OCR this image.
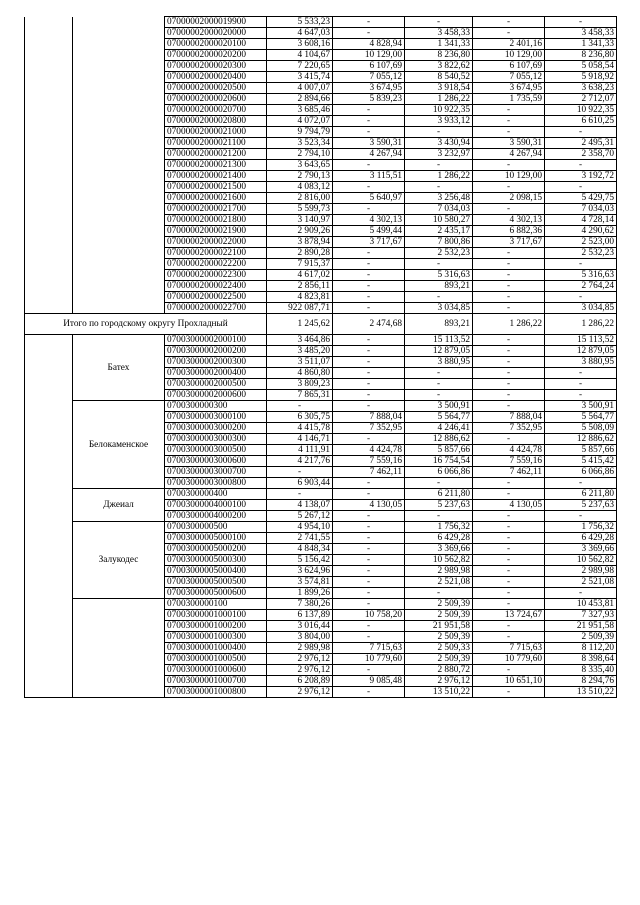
		07000002000019900	5 533,23	-	-	-	-
		07000002000020000	4 647,03	-	3 458,33	-	3 458,33
		07000002000020100	3 608,16	4 828,94	1 341,33	2 401,16	1 341,33
		07000002000020200	4 104,67	10 129,00	8 236,80	10 129,00	8 236,80
		07000002000020300	7 220,65	6 107,69	3 822,62	6 107,69	5 058,54
		07000002000020400	3 415,74	7 055,12	8 540,52	7 055,12	5 918,92
		07000002000020500	4 007,07	3 674,95	3 918,54	3 674,95	3 638,23
		07000002000020600	2 894,66	5 839,23	1 286,22	1 735,59	2 712,07
		07000002000020700	3 685,46	-	10 922,35	-	10 922,35
		07000002000020800	4 072,07	-	3 933,12	-	6 610,25
		07000002000021000	9 794,79	-	-	-	-
		07000002000021100	3 523,34	3 590,31	3 430,94	3 590,31	2 495,31
		07000002000021200	2 794,10	4 267,94	3 232,97	4 267,94	2 358,70
		07000002000021300	3 643,65	-	-	-	-
		07000002000021400	2 790,13	3 115,51	1 286,22	10 129,00	3 192,72
		07000002000021500	4 083,12	-	-	-	-
		07000002000021600	2 816,00	5 640,97	3 256,48	2 098,15	5 429,75
		07000002000021700	5 599,73	-	7 034,03	-	7 034,03
		07000002000021800	3 140,97	4 302,13	10 580,27	4 302,13	4 728,14
		07000002000021900	2 909,26	5 499,44	2 435,17	6 882,36	4 290,62
		07000002000022000	3 878,94	3 717,67	7 800,86	3 717,67	2 523,00
		07000002000022100	2 890,28	-	2 532,23	-	2 532,23
		07000002000022200	7 915,37	-	-	-	-
		07000002000022300	4 617,02	-	5 316,63	-	5 316,63
		07000002000022400	2 856,11	-	893,21	-	2 764,24
		07000002000022500	4 823,81	-	-	-	-
		07000002000022700	922 087,71	-	3 034,85	-	3 034,85
Итого по городскому округу Прохладный			1 245,62	2 474,68	893,21	1 286,22	1 286,22
	Батех	07003000002000100	3 464,86	-	15 113,52	-	15 113,52
		07003000002000200	3 485,20	-	12 879,05	-	12 879,05
		07003000002000300	3 511,07	-	3 880,95	-	3 880,95
		07003000002000400	4 860,80	-	-	-	-
		07003000002000500	3 809,23	-	-	-	-
		07003000002000600	7 865,31	-	-	-	-
	Белокаменское	0700300000300	-	-	3 500,91	-	3 500,91
		07003000003000100	6 305,75	7 888,04	5 564,77	7 888,04	5 564,77
		07003000003000200	4 415,78	7 352,95	4 246,41	7 352,95	5 508,09
		07003000003000300	4 146,71	-	12 886,62	-	12 886,62
		07003000003000500	4 111,91	4 424,78	5 857,66	4 424,78	5 857,66
		07003000003000600	4 217,76	7 559,16	16 754,54	7 559,16	5 415,42
		07003000003000700	-	7 462,11	6 066,86	7 462,11	6 066,86
		07003000003000800	6 903,44	-	-	-	-
	Джеиал	0700300000400	-	-	6 211,80	-	6 211,80
		07003000004000100	4 138,07	4 130,05	5 237,63	4 130,05	5 237,63
		07003000004000200	5 267,12	-	-	-	-
	Залукодес	0700300000500	4 954,10	-	1 756,32	-	1 756,32
		07003000005000100	2 741,55	-	6 429,28	-	6 429,28
		07003000005000200	4 848,34	-	3 369,66	-	3 369,66
		07003000005000300	5 156,42	-	10 562,82	-	10 562,82
		07003000005000400	3 624,96	-	2 989,98	-	2 989,98
		07003000005000500	3 574,81	-	2 521,08	-	2 521,08
		07003000005000600	1 899,26	-	-	-	-
		0700300000100	7 380,26	-	2 509,39	-	10 453,81
		07003000001000100	6 137,89	10 758,20	2 509,39	13 724,67	7 327,93
		07003000001000200	3 016,44	-	21 951,58	-	21 951,58
		07003000001000300	3 804,00	-	2 509,39	-	2 509,39
		07003000001000400	2 989,98	7 715,63	2 509,33	7 715,63	8 112,20
		07003000001000500	2 976,12	10 779,60	2 509,39	10 779,60	8 398,64
		07003000001000600	2 976,12	-	2 880,72	-	8 335,40
		07003000001000700	6 208,89	9 085,48	2 976,12	10 651,10	8 294,76
		07003000001000800	2 976,12	-	13 510,22	-	13 510,22
